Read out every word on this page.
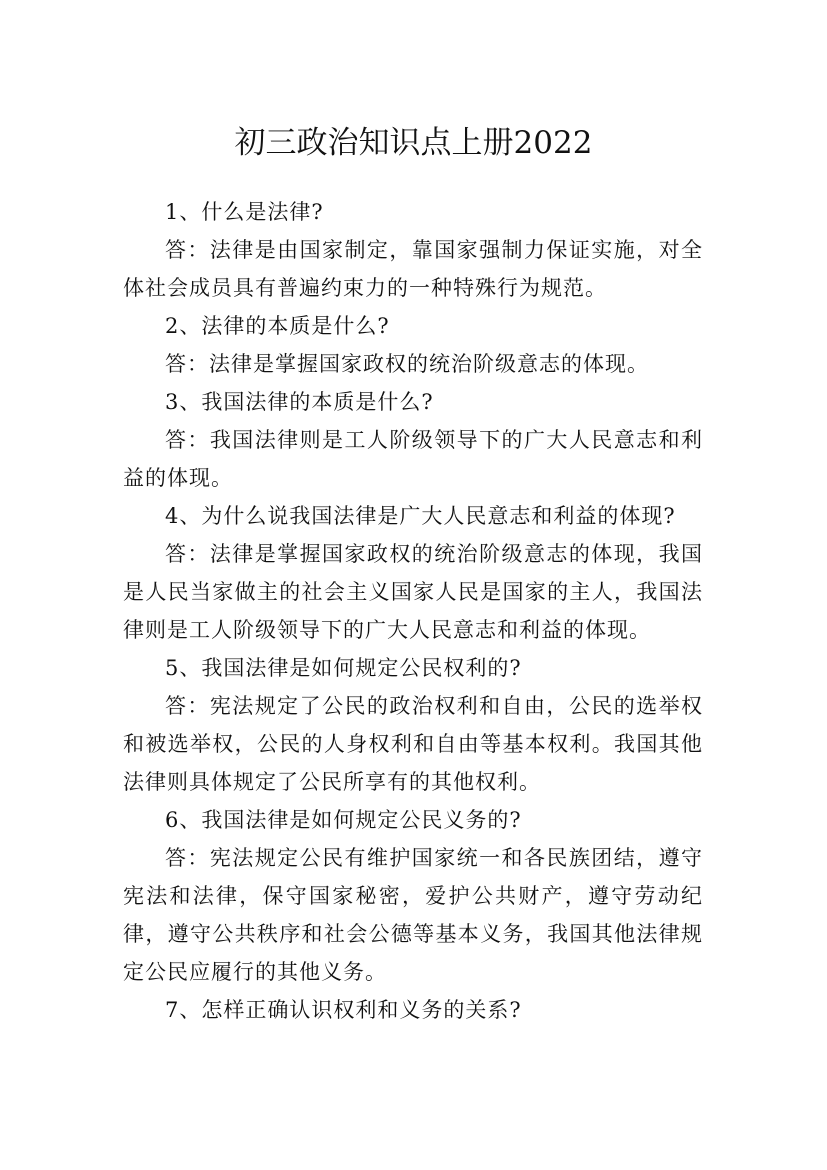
初三政治知识点上册2022

1、什么是法律?

答：法律是由国家制定，靠国家强制力保证实施，对全体社会成员具有普遍约束力的一种特殊行为规范。

2、法律的本质是什么?

答：法律是掌握国家政权的统治阶级意志的体现。

3、我国法律的本质是什么?

答：我国法律则是工人阶级领导下的广大人民意志和利益的体现。

4、为什么说我国法律是广大人民意志和利益的体现?

答：法律是掌握国家政权的统治阶级意志的体现，我国是人民当家做主的社会主义国家人民是国家的主人，我国法律则是工人阶级领导下的广大人民意志和利益的体现。

5、我国法律是如何规定公民权利的?

答：宪法规定了公民的政治权利和自由，公民的选举权和被选举权，公民的人身权利和自由等基本权利。我国其他法律则具体规定了公民所享有的其他权利。

6、我国法律是如何规定公民义务的?

答：宪法规定公民有维护国家统一和各民族团结，遵守宪法和法律，保守国家秘密，爱护公共财产，遵守劳动纪律，遵守公共秩序和社会公德等基本义务，我国其他法律规定公民应履行的其他义务。

7、怎样正确认识权利和义务的关系?
